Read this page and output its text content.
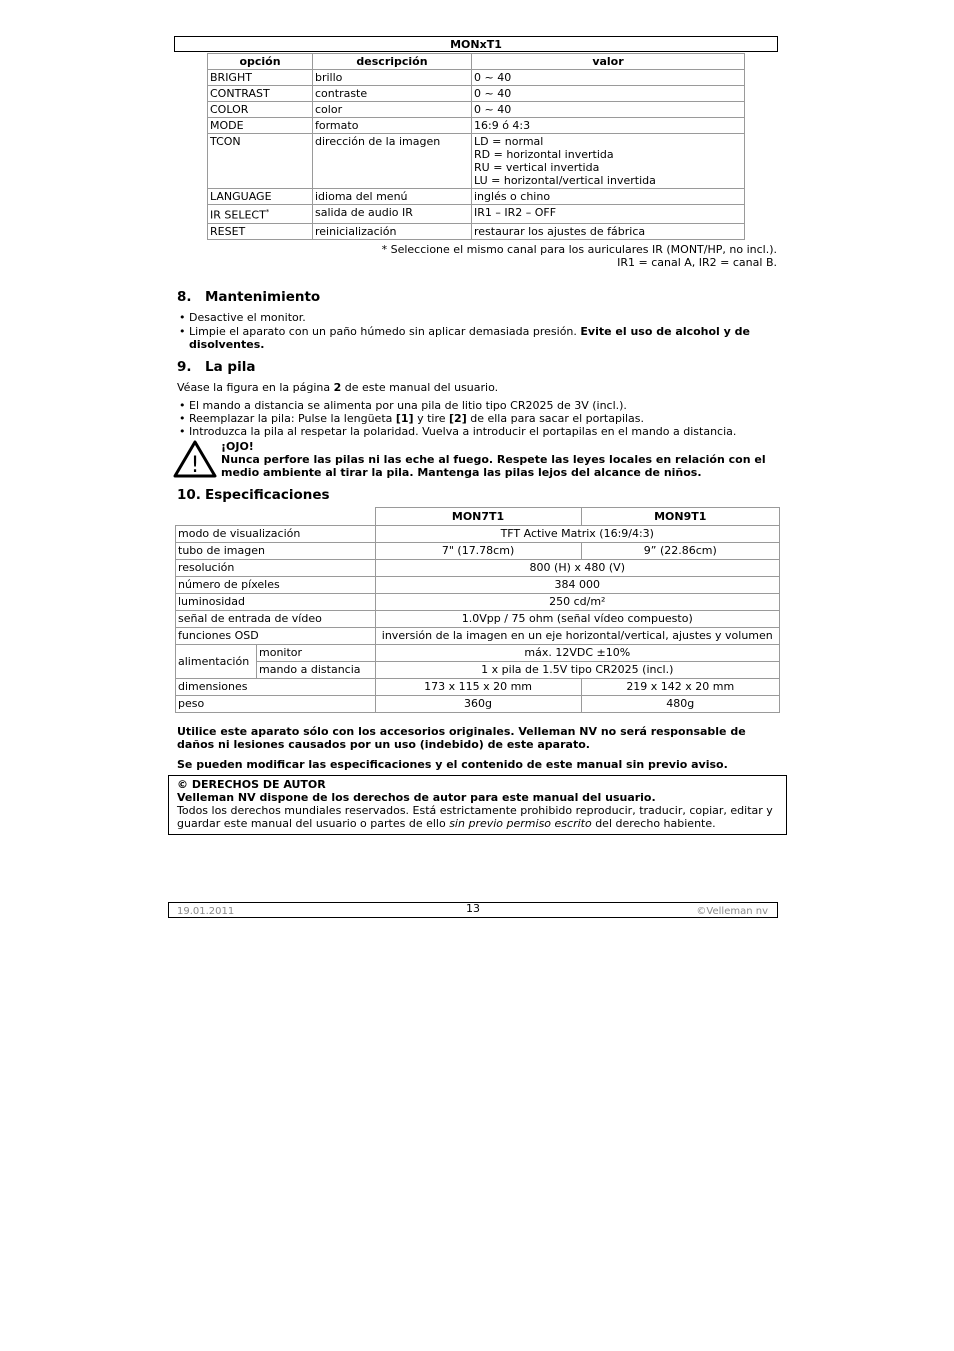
MONxT1
opción	descripción	valor
BRIGHT	brillo	0 ~ 40

CONTRAST	contraste	0 ~ 40

COLOR	color	0 ~ 40

MODE	formato	16:9 ó 4:3

TCON	dirección de la imagen	LD = normal
RD = horizontal invertida
RU = vertical invertida
LU = horizontal/vertical invertida

LANGUAGE	idioma del menú	inglés o chino

IR SELECT*	salida de audio IR	IR1 – IR2 – OFF

RESET	reinicialización	restaurar los ajustes de fábrica
* Seleccione el mismo canal para los auriculares IR (MONT/HP, no incl.).
IR1 = canal A, IR2 = canal B.
8. Mantenimiento
• Desactive el monitor.
• Limpie el aparato con un paño húmedo sin aplicar demasiada presión. Evite el uso de alcohol y de disolventes.
9. La pila
Véase la figura en la página 2 de este manual del usuario.
• El mando a distancia se alimenta por una pila de litio tipo CR2025 de 3V (incl.).
• Reemplazar la pila: Pulse la lengüeta [1] y tire [2] de ella para sacar el portapilas.
• Introduzca la pila al respetar la polaridad. Vuelva a introducir el portapilas en el mando a distancia.
!
¡OJO!
Nunca perfore las pilas ni las eche al fuego. Respete las leyes locales en relación con el medio ambiente al tirar la pila. Mantenga las pilas lejos del alcance de niños.
10. Especificaciones
		MON7T1	MON9T1
modo de visualización		TFT Active Matrix (16:9/4:3)	
tubo de imagen		7" (17.78cm)	9” (22.86cm)
resolución		800 (H) x 480 (V)	
número de píxeles		384 000	
luminosidad		250 cd/m²	
señal de entrada de vídeo		1.0Vpp / 75 ohm (señal vídeo compuesto)	
funciones OSD		inversión de la imagen en un eje horizontal/vertical, ajustes y volumen	
alimentación	monitor	máx. 12VDC ±10%	
	mando a distancia	1 x pila de 1.5V tipo CR2025 (incl.)	
dimensiones		173 x 115 x 20 mm	219 x 142 x 20 mm
peso		360g	480g
Utilice este aparato sólo con los accesorios originales. Velleman NV no será responsable de daños ni lesiones causados por un uso (indebido) de este aparato.
Se pueden modificar las especificaciones y el contenido de este manual sin previo aviso.
© DERECHOS DE AUTOR
Velleman NV dispone de los derechos de autor para este manual del usuario.
Todos los derechos mundiales reservados. Está estrictamente prohibido reproducir, traducir, copiar, editar y guardar este manual del usuario o partes de ello sin previo permiso escrito del derecho habiente.
19.01.2011	13	©Velleman nv
